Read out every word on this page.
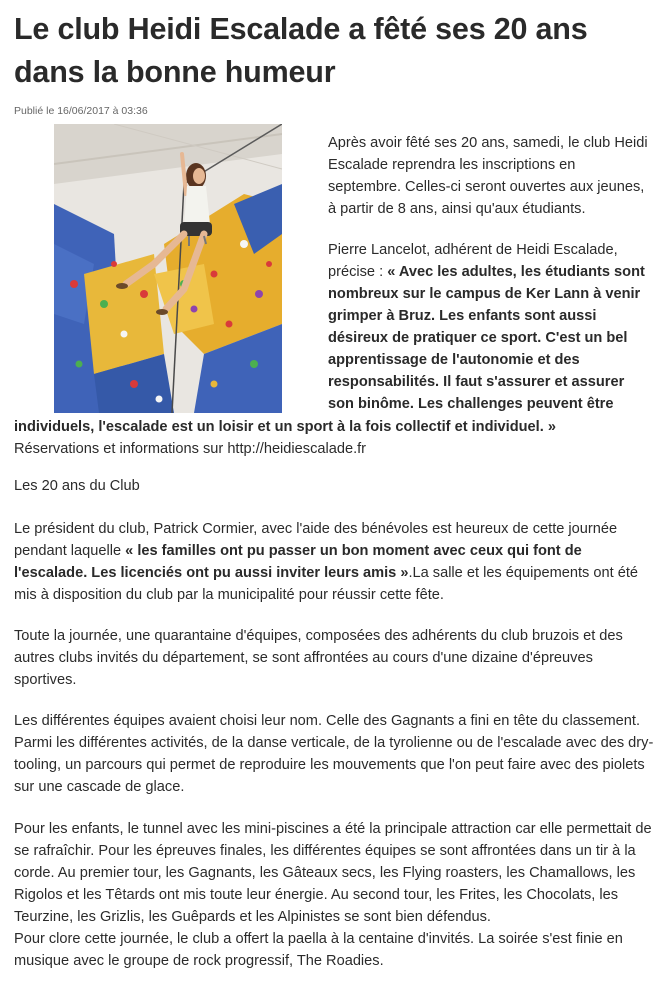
Le club Heidi Escalade a fêté ses 20 ans dans la bonne humeur
Publié le 16/06/2017 à 03:36

Après avoir fêté ses 20 ans, samedi, le club Heidi Escalade reprendra les inscriptions en septembre. Celles-ci seront ouvertes aux jeunes, à partir de 8 ans, ainsi qu'aux étudiants.

Pierre Lancelot, adhérent de Heidi Escalade, précise : « Avec les adultes, les étudiants sont nombreux sur le campus de Ker Lann à venir grimper à Bruz. Les enfants sont aussi désireux de pratiquer ce sport. C'est un bel apprentissage de l'autonomie et des responsabilités. Il faut s'assurer et assurer son binôme. Les challenges peuvent être

individuels, l'escalade est un loisir et un sport à la fois collectif et individuel. »

Réservations et informations sur http://heidiescalade.fr

Les 20 ans du Club

Le président du club, Patrick Cormier, avec l'aide des bénévoles est heureux de cette journée pendant laquelle « les familles ont pu passer un bon moment avec ceux qui font de l'escalade. Les licenciés ont pu aussi inviter leurs amis ».La salle et les équipements ont été mis à disposition du club par la municipalité pour réussir cette fête.

Toute la journée, une quarantaine d'équipes, composées des adhérents du club bruzois et des autres clubs invités du département, se sont affrontées au cours d'une dizaine d'épreuves sportives.

Les différentes équipes avaient choisi leur nom. Celle des Gagnants a fini en tête du classement. Parmi les différentes activités, de la danse verticale, de la tyrolienne ou de l'escalade avec des dry-tooling, un parcours qui permet de reproduire les mouvements que l'on peut faire avec des piolets sur une cascade de glace.

Pour les enfants, le tunnel avec les mini-piscines a été la principale attraction car elle permettait de se rafraîchir. Pour les épreuves finales, les différentes équipes se sont affrontées dans un tir à la corde. Au premier tour, les Gagnants, les Gâteaux secs, les Flying roasters, les Chamallows, les Rigolos et les Têtards ont mis toute leur énergie. Au second tour, les Frites, les Chocolats, les Teurzine, les Grizlis, les Guêpards et les Alpinistes se sont bien défendus.
Pour clore cette journée, le club a offert la paella à la centaine d'invités. La soirée s'est finie en musique avec le groupe de rock progressif, The Roadies.
